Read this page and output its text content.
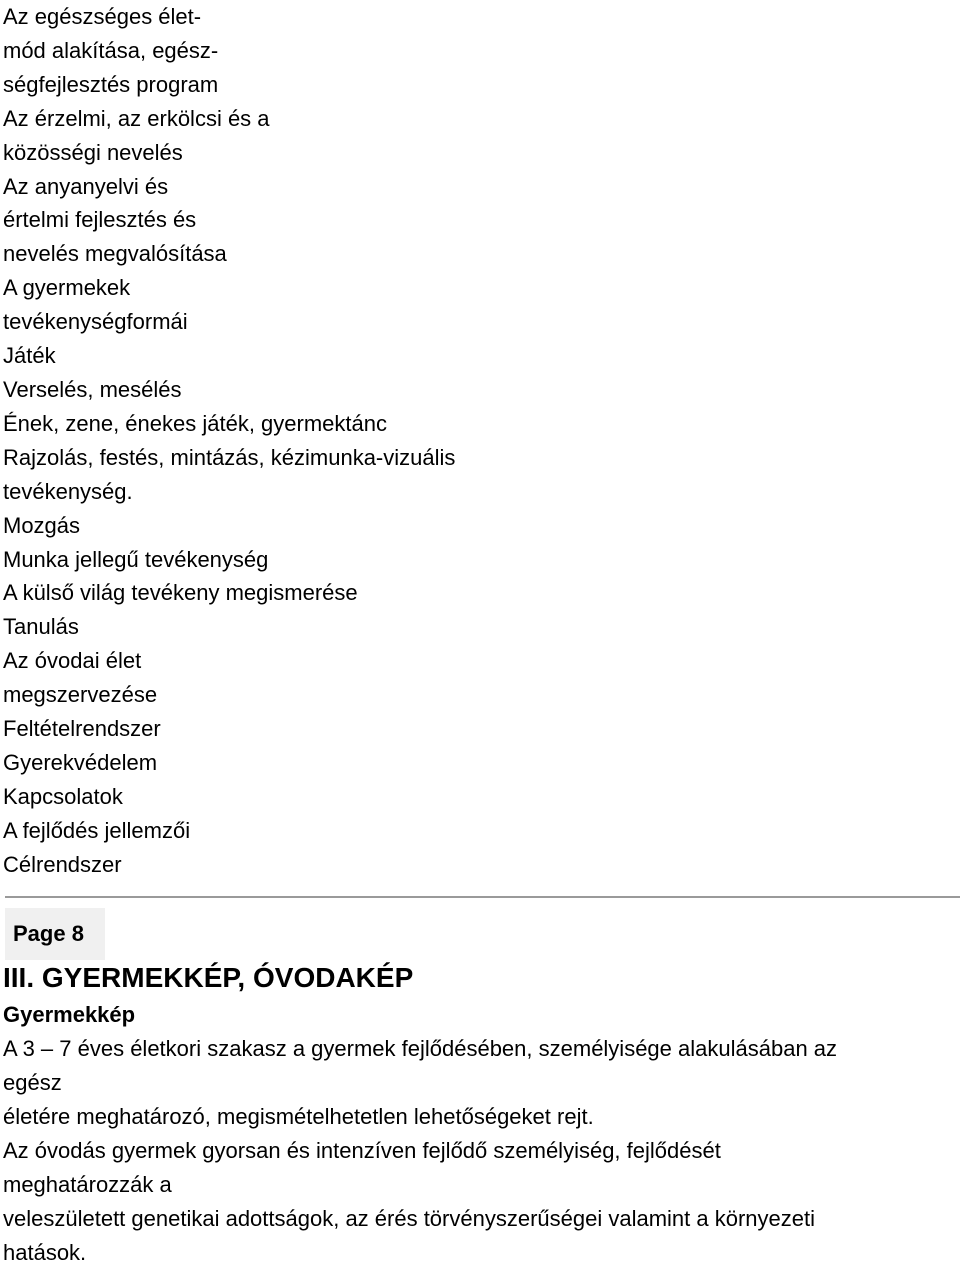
Az egészséges élet-
mód alakítása, egész-
ségfejlesztés program
Az érzelmi, az erkölcsi és a
közösségi nevelés
Az anyanyelvi és
értelmi fejlesztés és
nevelés megvalósítása
A gyermekek
tevékenységformái
Játék
Verselés, mesélés
Ének, zene, énekes játék, gyermektánc
Rajzolás, festés, mintázás, kézimunka-vizuális
tevékenység.
Mozgás
Munka jellegű tevékenység
A külső világ tevékeny megismerése
Tanulás
Az óvodai élet
megszervezése
Feltételrendszer
Gyerekvédelem
Kapcsolatok
A fejlődés jellemzői
Célrendszer
Page 8
III. GYERMEKKÉP, ÓVODAKÉP
Gyermekkép

A 3 – 7 éves életkori szakasz a gyermek fejlődésében, személyisége alakulásában az

egész

életére meghatározó, megismételhetetlen lehetőségeket rejt.

Az óvodás gyermek gyorsan és intenzíven fejlődő személyiség, fejlődését

meghatározzák a

veleszületett genetikai adottságok, az érés törvényszerűségei valamint a környezeti

hatások.
